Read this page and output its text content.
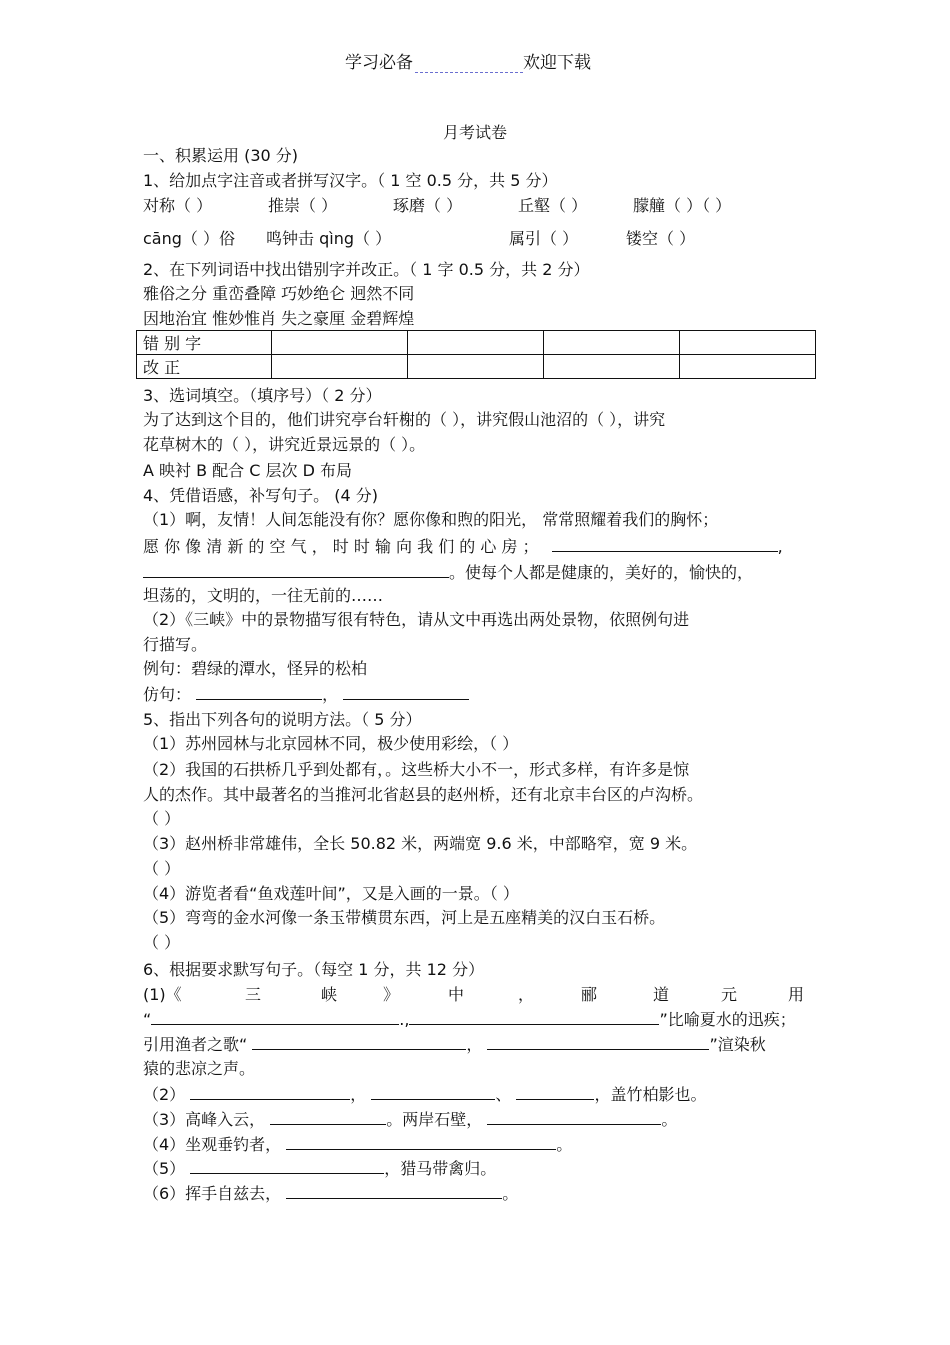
学习必备	欢迎下载
月考试卷
一、积累运用 (30 分)
1、给加点字注音或者拼写汉字。（ 1 空 0.5 分，共 5 分）
对称（ ）	推崇（ ）	琢磨（ ）	丘壑（ ）	朦艟（ ）（ ）
cāng（ ）俗 鸣钟击 qìng（ ）	属引（ ）	镂空（ ）
2、在下列词语中找出错别字并改正。（ 1 字 0.5 分，共 2 分）
雅俗之分 重峦叠障 巧妙绝仑 迥然不同
因地治宜 惟妙惟肖 失之豪厘 金碧辉煌
错 别 字				
改 正				
3、选词填空。（填序号）（ 2 分）
为了达到这个目的，他们讲究亭台轩榭的（ ），讲究假山池沼的（ ），讲究
花草树木的（ ），讲究近景远景的（ ）。
A 映衬 B 配合 C 层次 D 布局
4、凭借语感，补写句子。 (4 分)
（1）啊，友情！人间怎能没有你？愿你像和煦的阳光， 常常照耀着我们的胸怀；
愿 你 像 清 新 的 空 气 ， 时 时 输 向 我 们 的 心 房 ；	,
。使每个人都是健康的，美好的，愉快的，
坦荡的，文明的，一往无前的……
（2）《三峡》中的景物描写很有特色，请从文中再选出两处景物，依照例句进
行描写。
例句：碧绿的潭水，怪异的松柏
仿句：	，
5、指出下列各句的说明方法。（ 5 分）
（1）苏州园林与北京园林不同，极少使用彩绘，（ ）
（2）我国的石拱桥几乎到处都有，。这些桥大小不一，形式多样，有许多是惊
人的杰作。其中最著名的当推河北省赵县的赵州桥，还有北京丰台区的卢沟桥。
（ ）
（3）赵州桥非常雄伟，全长 50.82 米，两端宽 9.6 米，中部略窄，宽 9 米。
（ ）
（4）游览者看“鱼戏莲叶间”，又是入画的一景。（ ）
（5）弯弯的金水河像一条玉带横贯东西，河上是五座精美的汉白玉石桥。
（ ）
6、根据要求默写句子。（每空 1 分，共 12 分）
(1)《	三	峡	》	中	，	郦	道	元	用
“	.,	”比喻夏水的迅疾；
引用渔者之歌“	，	”渲染秋
猿的悲凉之声。
（2）	，	、	，盖竹柏影也。
（3）高峰入云，	。两岸石壁，	。
（4）坐观垂钓者，	。
（5）	，猎马带禽归。
（6）挥手自兹去，	。
